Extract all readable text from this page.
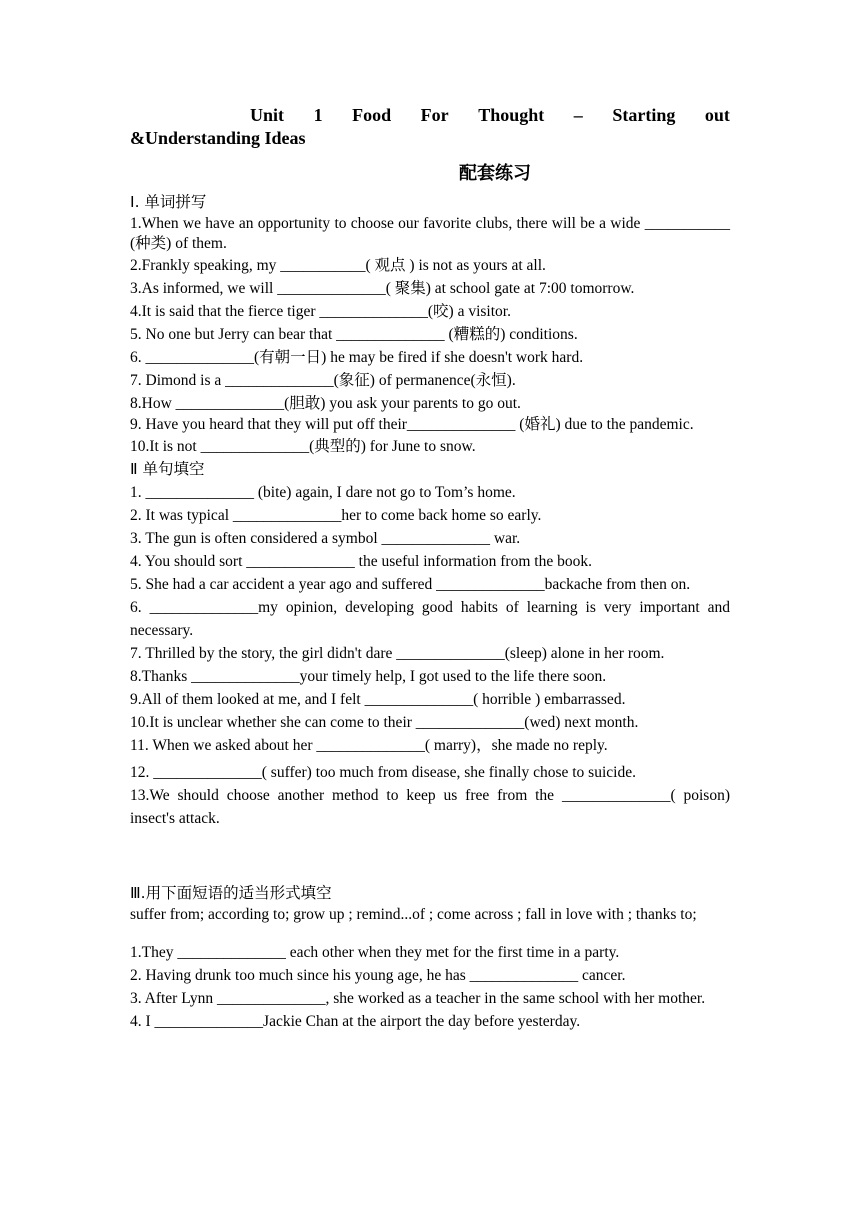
Unit 1 Food For Thought – Starting out
&Understanding Ideas
配套练习
I. 单词拼写
1.When we have an opportunity to choose our favorite clubs, there will be a wide ___________ (种类) of them.
2.Frankly speaking, my ___________( 观点 ) is not as yours at all.
3.As informed, we will ______________( 聚集) at school gate at 7:00 tomorrow.
4.It is said that the fierce tiger ______________(咬) a visitor.
5. No one but Jerry can bear that ______________ (糟糕的) conditions.
6. ______________(有朝一日) he may be fired if she doesn't work hard.
7. Dimond is a ______________(象征) of permanence(永恒).
8.How ______________(胆敢) you ask your parents to go out.
9. Have you heard that they will put off their______________ (婚礼) due to the pandemic.
10.It is not ______________(典型的) for June to snow.
Ⅱ 单句填空
1. ______________ (bite) again, I dare not go to Tom’s home.
2. It was typical ______________her to come back home so early.
3. The gun is often considered a symbol ______________ war.
4. You should sort ______________ the useful information from the book.
5. She had a car accident a year ago and suffered ______________backache from then on.
6. ______________my opinion, developing good habits of learning is very important and necessary.
7. Thrilled by the story, the girl didn't dare ______________(sleep) alone in her room.
8.Thanks ______________your timely help, I got used to the life there soon.
9.All of them looked at me, and I felt ______________( horrible ) embarrassed.
10.It is unclear whether she can come to their ______________(wed) next month.
11. When we asked about her ______________( marry)，she made no reply.
12. ______________( suffer) too much from disease, she finally chose to suicide.
13.We should choose another method to keep us free from the ______________( poison) insect's attack.
Ⅲ.用下面短语的适当形式填空
suffer from; according to; grow up ; remind...of ; come across ; fall in love with ; thanks to;
1.They ______________ each other when they met for the first time in a party.
2. Having drunk too much since his young age, he has ______________ cancer.
3. After Lynn ______________, she worked as a teacher in the same school with her mother.
4. I ______________Jackie Chan at the airport the day before yesterday.
